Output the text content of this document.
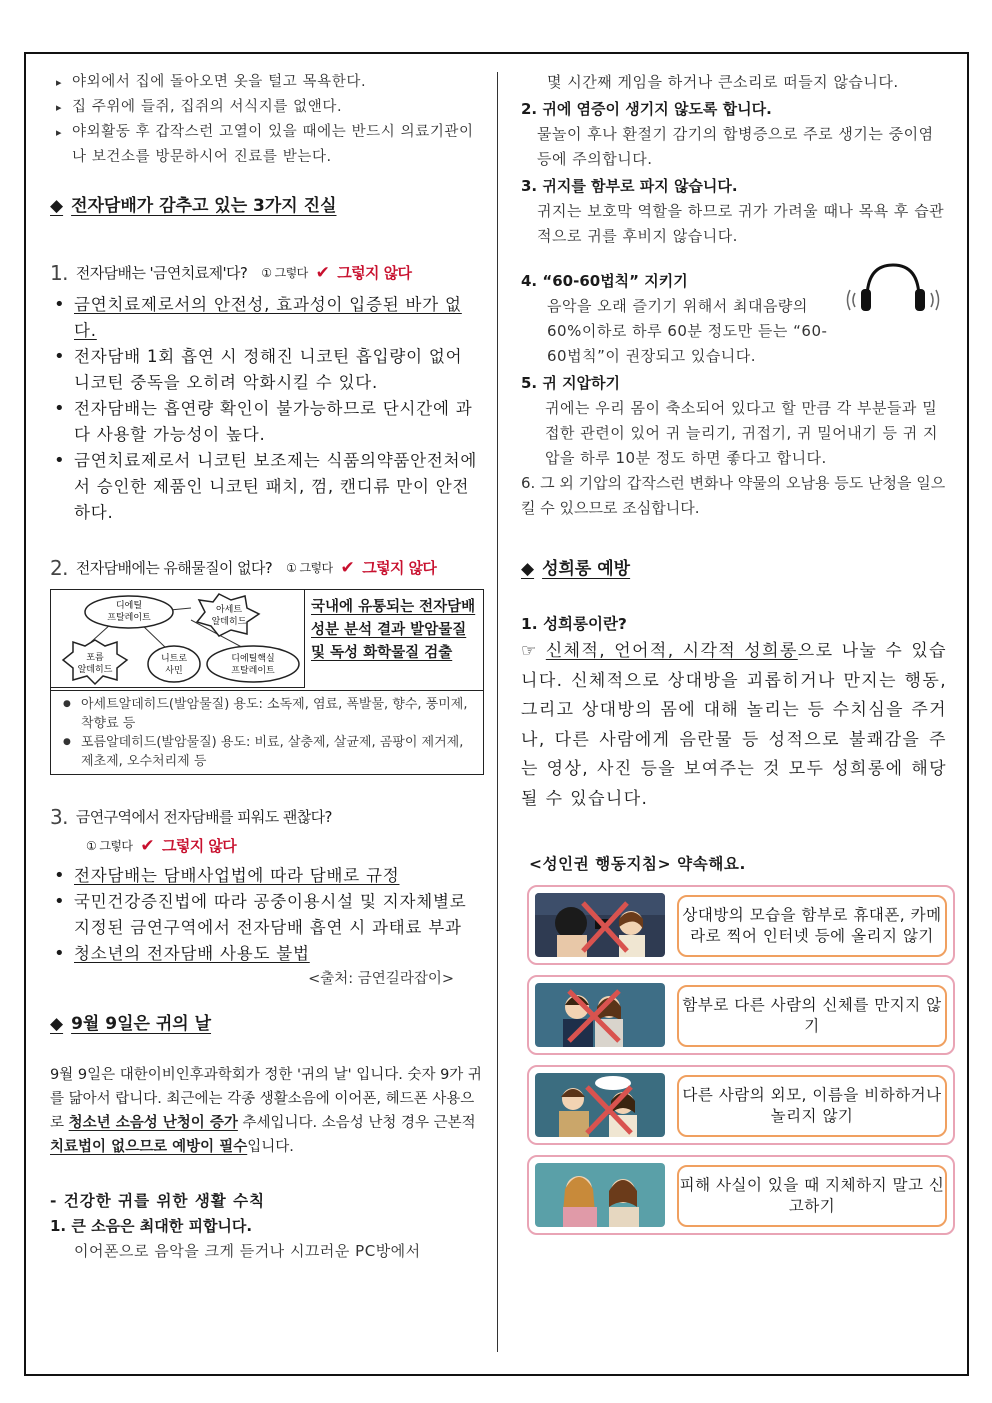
▸ 야외에서 집에 돌아오면 옷을 털고 목욕한다.
▸ 집 주위에 들쥐, 집쥐의 서식지를 없앤다.
▸ 야외활동 후 갑작스런 고열이 있을 때에는 반드시 의료기관이나 보건소를 방문하시어 진료를 받는다.
◆ 전자담배가 감추고 있는 3가지 진실
1. 전자담배는 '금연치료제'다? ① 그렇다 ✔ 그렇지 않다
• 금연치료제로서의 안전성, 효과성이 입증된 바가 없다.
• 전자담배 1회 흡연 시 정해진 니코틴 흡입량이 없어 니코틴 중독을 오히려 악화시킬 수 있다.
• 전자담배는 흡연량 확인이 불가능하므로 단시간에 과다 사용할 가능성이 높다.
• 금연치료제로서 니코틴 보조제는 식품의약품안전처에서 승인한 제품인 니코틴 패치, 껌, 캔디류 만이 안전하다.
2. 전자담배에는 유해물질이 없다? ① 그렇다 ✔ 그렇지 않다
디에틸
프탈레이트
아세트
알데히드
포름
알데히드
니트로
사민
디에틸핵실
프탈레이트
국내에 유통되는 전자담배 성분 분석 결과 발암물질 및 독성 화학물질 검출
● 아세트알데히드(발암물질) 용도: 소독제, 염료, 폭발물, 향수, 풍미제, 착향료 등
● 포름알데히드(발암물질) 용도: 비료, 살충제, 살균제, 곰팡이 제거제, 제초제, 오수처리제 등
3. 금연구역에서 전자담배를 피워도 괜찮다?
① 그렇다 ✔ 그렇지 않다
• 전자담배는 담배사업법에 따라 담배로 규정
• 국민건강증진법에 따라 공중이용시설 및 지자체별로 지정된 금연구역에서 전자담배 흡연 시 과태료 부과
• 청소년의 전자담배 사용도 불법
<출처: 금연길라잡이>
◆ 9월 9일은 귀의 날
9월 9일은 대한이비인후과학회가 정한 '귀의 날' 입니다. 숫자 9가 귀를 닮아서 랍니다. 최근에는 각종 생활소음에 이어폰, 헤드폰 사용으로 청소년 소음성 난청이 증가 추세입니다. 소음성 난청 경우 근본적 치료법이 없으므로 예방이 필수입니다.
- 건강한 귀를 위한 생활 수칙
1. 큰 소음은 최대한 피합니다.
이어폰으로 음악을 크게 듣거나 시끄러운 PC방에서
몇 시간째 게임을 하거나 큰소리로 떠들지 않습니다.
2. 귀에 염증이 생기지 않도록 합니다.
물놀이 후나 환절기 감기의 합병증으로 주로 생기는 중이염 등에 주의합니다.
3. 귀지를 함부로 파지 않습니다.
귀지는 보호막 역할을 하므로 귀가 가려울 때나 목욕 후 습관적으로 귀를 후비지 않습니다.
4. “60-60법칙” 지키기
음악을 오래 즐기기 위해서 최대음량의 60%이하로 하루 60분 정도만 듣는 “60-60법칙”이 권장되고 있습니다.
5. 귀 지압하기
귀에는 우리 몸이 축소되어 있다고 할 만큼 각 부분들과 밀접한 관련이 있어 귀 늘리기, 귀접기, 귀 밀어내기 등 귀 지압을 하루 10분 정도 하면 좋다고 합니다.
6. 그 외 기압의 갑작스런 변화나 약물의 오남용 등도 난청을 일으킬 수 있으므로 조심합니다.
◆ 성희롱 예방
1. 성희롱이란?
☞ 신체적, 언어적, 시각적 성희롱으로 나눌 수 있습니다. 신체적으로 상대방을 괴롭히거나 만지는 행동, 그리고 상대방의 몸에 대해 놀리는 등 수치심을 주거나, 다른 사람에게 음란물 등 성적으로 불쾌감을 주는 영상, 사진 등을 보여주는 것 모두 성희롱에 해당될 수 있습니다.
<성인권 행동지침> 약속해요.
상대방의 모습을 함부로 휴대폰, 카메라로 찍어 인터넷 등에 올리지 않기
함부로 다른 사람의 신체를 만지지 않기
다른 사람의 외모, 이름을 비하하거나 놀리지 않기
피해 사실이 있을 때 지체하지 말고 신고하기
